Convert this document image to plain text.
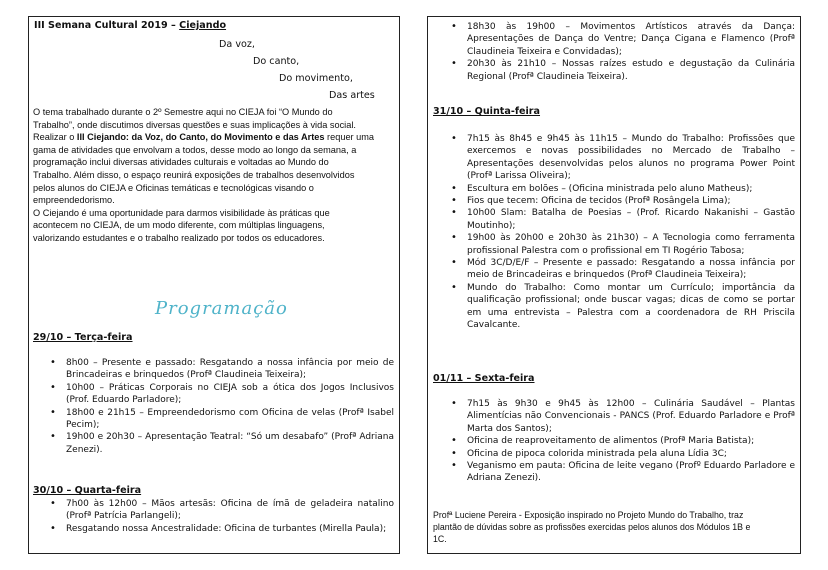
III Semana Cultural 2019 – Ciejando
Da voz,
Do canto,
Do movimento,
Das artes
O tema trabalhado durante o 2º Semestre aqui no CIEJA foi “O Mundo do
Trabalho”, onde discutimos diversas questões e suas implicações à vida social.
Realizar o III Ciejando: da Voz, do Canto, do Movimento e das Artes requer uma
gama de atividades que envolvam a todos, desse modo ao longo da semana, a
programação inclui diversas atividades culturais e voltadas ao Mundo do
Trabalho. Além disso, o espaço reunirá exposições de trabalhos desenvolvidos
pelos alunos do CIEJA e Oficinas temáticas e tecnológicas visando o
empreendedorismo.
O Ciejando é uma oportunidade para darmos visibilidade às práticas que
acontecem no CIEJA, de um modo diferente, com múltiplas linguagens,
valorizando estudantes e o trabalho realizado por todos os educadores.
Programação
29/10 – Terça-feira
• 8h00 – Presente e passado: Resgatando a nossa infância por meio de Brincadeiras e brinquedos (Profª Claudineia Teixeira);
• 10h00 – Práticas Corporais no CIEJA sob a ótica dos Jogos Inclusivos (Prof. Eduardo Parladore);
• 18h00 e 21h15 – Empreendedorismo com Oficina de velas (Profª Isabel Pecim);
• 19h00 e 20h30 – Apresentação Teatral: “Só um desabafo” (Profª Adriana Zenezi).
30/10 – Quarta-feira
• 7h00 às 12h00 – Mãos artesãs: Oficina de ímã de geladeira natalino (Profª Patrícia Parlangeli);
• Resgatando nossa Ancestralidade: Oficina de turbantes (Mirella Paula);
• 18h30 às 19h00 – Movimentos Artísticos através da Dança: Apresentações de Dança do Ventre; Dança Cigana e Flamenco (Profª Claudineia Teixeira e Convidadas);
• 20h30 às 21h10 – Nossas raízes estudo e degustação da Culinária Regional (Profª Claudineia Teixeira).
31/10 – Quinta-feira
• 7h15 às 8h45 e 9h45 às 11h15 – Mundo do Trabalho: Profissões que exercemos e novas possibilidades no Mercado de Trabalho – Apresentações desenvolvidas pelos alunos no programa Power Point (Profª Larissa Oliveira);
• Escultura em bolões – (Oficina ministrada pelo aluno Matheus);
• Fios que tecem: Oficina de tecidos (Profª Rosângela Lima);
• 10h00 Slam: Batalha de Poesias – (Prof. Ricardo Nakanishi – Gastão Moutinho);
• 19h00 às 20h00 e 20h30 às 21h30) – A Tecnologia como ferramenta profissional Palestra com o profissional em TI Rogério Tabosa;
• Mód 3C/D/E/F – Presente e passado: Resgatando a nossa infância por meio de Brincadeiras e brinquedos (Profª Claudineia Teixeira);
• Mundo do Trabalho: Como montar um Currículo; importância da qualificação profissional; onde buscar vagas; dicas de como se portar em uma entrevista – Palestra com a coordenadora de RH Priscila Cavalcante.
01/11 – Sexta-feira
• 7h15 às 9h30 e 9h45 às 12h00 – Culinária Saudável – Plantas Alimentícias não Convencionais - PANCS (Prof. Eduardo Parladore e Profª Marta dos Santos);
• Oficina de reaproveitamento de alimentos (Profª Maria Batista);
• Oficina de pipoca colorida ministrada pela aluna Lídia 3C;
• Veganismo em pauta: Oficina de leite vegano (Profº Eduardo Parladore e Adriana Zenezi).
Profª Luciene Pereira - Exposição inspirado no Projeto Mundo do Trabalho, traz
plantão de dúvidas sobre as profissões exercidas pelos alunos dos Módulos 1B e
1C.
